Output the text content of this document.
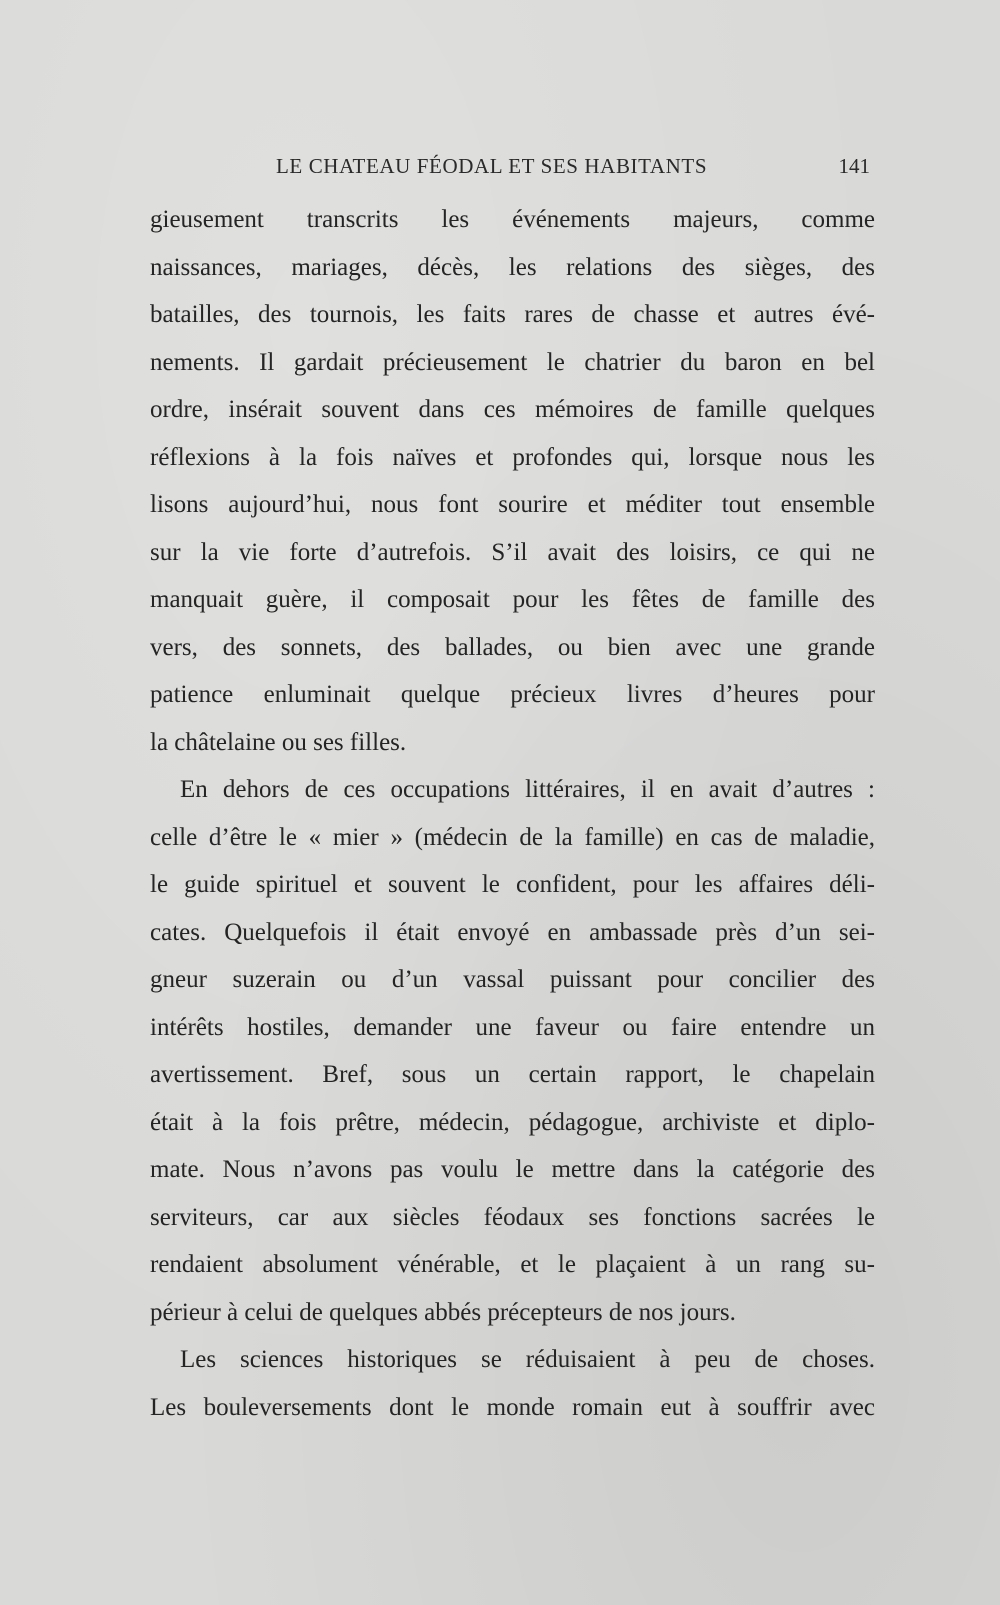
LE CHATEAU FÉODAL ET SES HABITANTS	141
gieusement transcrits les événements majeurs, comme
naissances, mariages, décès, les relations des sièges, des
batailles, des tournois, les faits rares de chasse et autres évé-
nements. Il gardait précieusement le chatrier du baron en bel
ordre, insérait souvent dans ces mémoires de famille quelques
réflexions à la fois naïves et profondes qui, lorsque nous les
lisons aujourd’hui, nous font sourire et méditer tout ensemble
sur la vie forte d’autrefois. S’il avait des loisirs, ce qui ne
manquait guère, il composait pour les fêtes de famille des
vers, des sonnets, des ballades, ou bien avec une grande
patience enluminait quelque précieux livres d’heures pour
la châtelaine ou ses filles.
En dehors de ces occupations littéraires, il en avait d’autres :
celle d’être le « mier » (médecin de la famille) en cas de maladie,
le guide spirituel et souvent le confident, pour les affaires déli-
cates. Quelquefois il était envoyé en ambassade près d’un sei-
gneur suzerain ou d’un vassal puissant pour concilier des
intérêts hostiles, demander une faveur ou faire entendre un
avertissement. Bref, sous un certain rapport, le chapelain
était à la fois prêtre, médecin, pédagogue, archiviste et diplo-
mate. Nous n’avons pas voulu le mettre dans la catégorie des
serviteurs, car aux siècles féodaux ses fonctions sacrées le
rendaient absolument vénérable, et le plaçaient à un rang su-
périeur à celui de quelques abbés précepteurs de nos jours.
Les sciences historiques se réduisaient à peu de choses.
Les bouleversements dont le monde romain eut à souffrir avec
